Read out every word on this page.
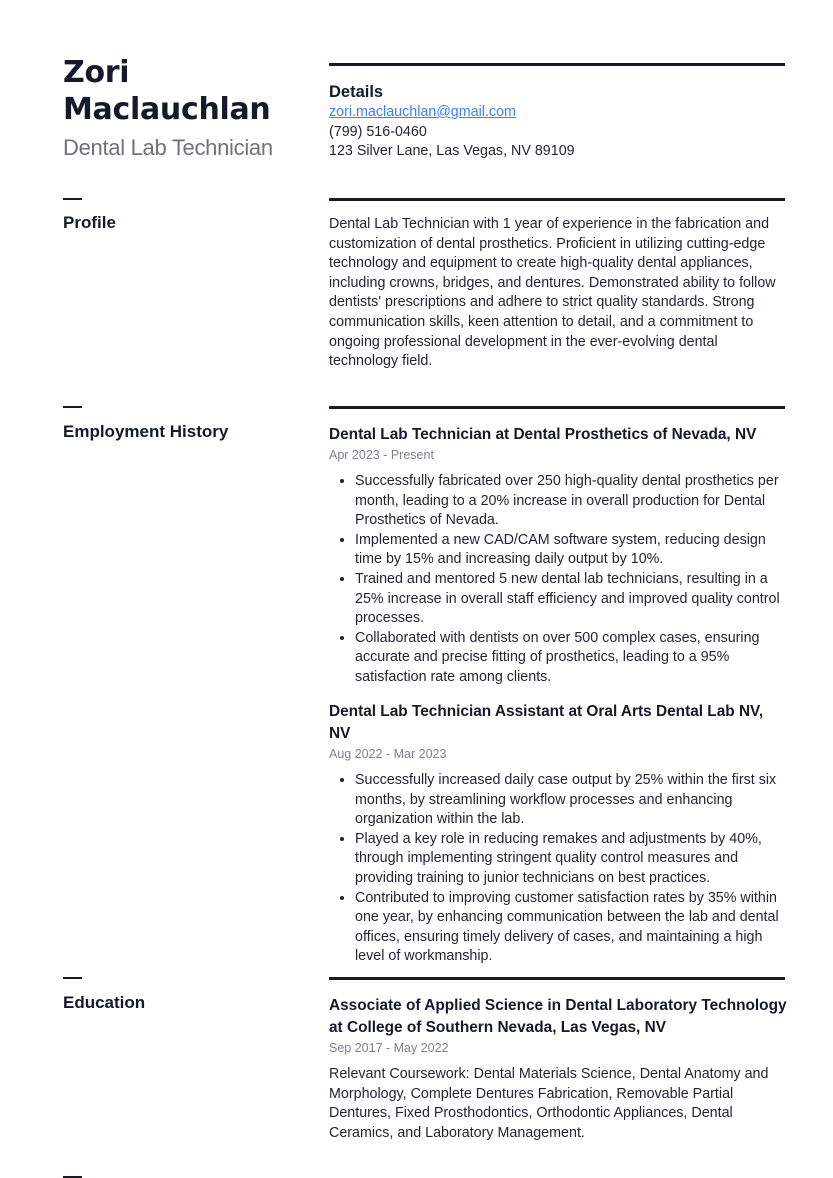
Zori Maclauchlan
Dental Lab Technician
Details
zori.maclauchlan@gmail.com
(799) 516-0460
123 Silver Lane, Las Vegas, NV 89109
Profile	Dental Lab Technician with 1 year of experience in the fabrication and customization of dental prosthetics. Proficient in utilizing cutting-edge technology and equipment to create high-quality dental appliances, including crowns, bridges, and dentures. Demonstrated ability to follow dentists' prescriptions and adhere to strict quality standards. Strong communication skills, keen attention to detail, and a commitment to ongoing professional development in the ever-evolving dental technology field.

Employment History	Dental Lab Technician at Dental Prosthetics of Nevada, NV
Apr 2023 - Present
• Successfully fabricated over 250 high-quality dental prosthetics per month, leading to a 20% increase in overall production for Dental Prosthetics of Nevada.
• Implemented a new CAD/CAM software system, reducing design time by 15% and increasing daily output by 10%.
• Trained and mentored 5 new dental lab technicians, resulting in a 25% increase in overall staff efficiency and improved quality control processes.
• Collaborated with dentists on over 500 complex cases, ensuring accurate and precise fitting of prosthetics, leading to a 95% satisfaction rate among clients.
Dental Lab Technician Assistant at Oral Arts Dental Lab NV, NV
Aug 2022 - Mar 2023
• Successfully increased daily case output by 25% within the first six months, by streamlining workflow processes and enhancing organization within the lab.
• Played a key role in reducing remakes and adjustments by 40%, through implementing stringent quality control measures and providing training to junior technicians on best practices.
• Contributed to improving customer satisfaction rates by 35% within one year, by enhancing communication between the lab and dental offices, ensuring timely delivery of cases, and maintaining a high level of workmanship.
Education	Associate of Applied Science in Dental Laboratory Technology at College of Southern Nevada, Las Vegas, NV
Sep 2017 - May 2022

Relevant Coursework: Dental Materials Science, Dental Anatomy and Morphology, Complete Dentures Fabrication, Removable Partial Dentures, Fixed Prosthodontics, Orthodontic Appliances, Dental Ceramics, and Laboratory Management.
